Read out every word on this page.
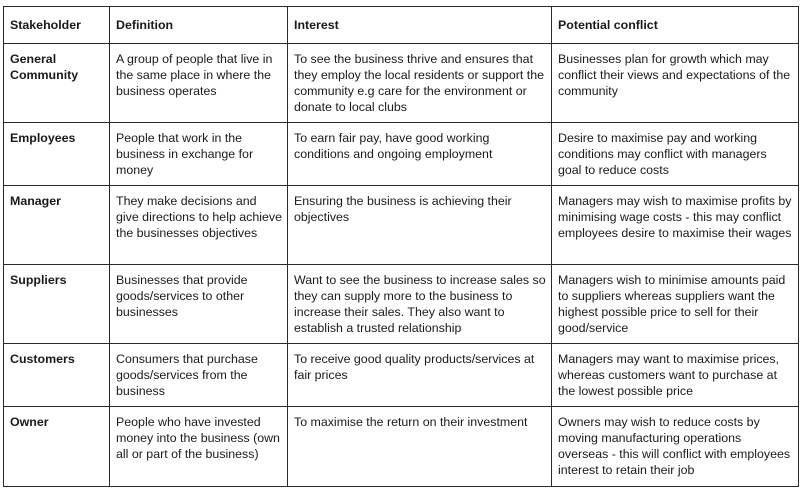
Stakeholder	Definition	Interest	Potential conflict
General Community	A group of people that live in the same place in where the business operates	To see the business thrive and ensures that they employ the local residents or support the community e.g care for the environment or donate to local clubs	Businesses plan for growth which may conflict their views and expectations of the community
Employees	People that work in the business in exchange for money	To earn fair pay, have good working conditions and ongoing employment	Desire to maximise pay and working conditions may conflict with managers goal to reduce costs
Manager	They make decisions and give directions to help achieve the businesses objectives	Ensuring the business is achieving their objectives	Managers may wish to maximise profits by minimising wage costs - this may conflict employees desire to maximise their wages
Suppliers	Businesses that provide goods/services to other businesses	Want to see the business to increase sales so they can supply more to the business to increase their sales. They also want to establish a trusted relationship	Managers wish to minimise amounts paid to suppliers whereas suppliers want the highest possible price to sell for their good/service
Customers	Consumers that purchase goods/services from the business	To receive good quality products/services at fair prices	Managers may want to maximise prices, whereas customers want to purchase at the lowest possible price
Owner	People who have invested money into the business (own all or part of the business)	To maximise the return on their investment	Owners may wish to reduce costs by moving manufacturing operations overseas - this will conflict with employees interest to retain their job
